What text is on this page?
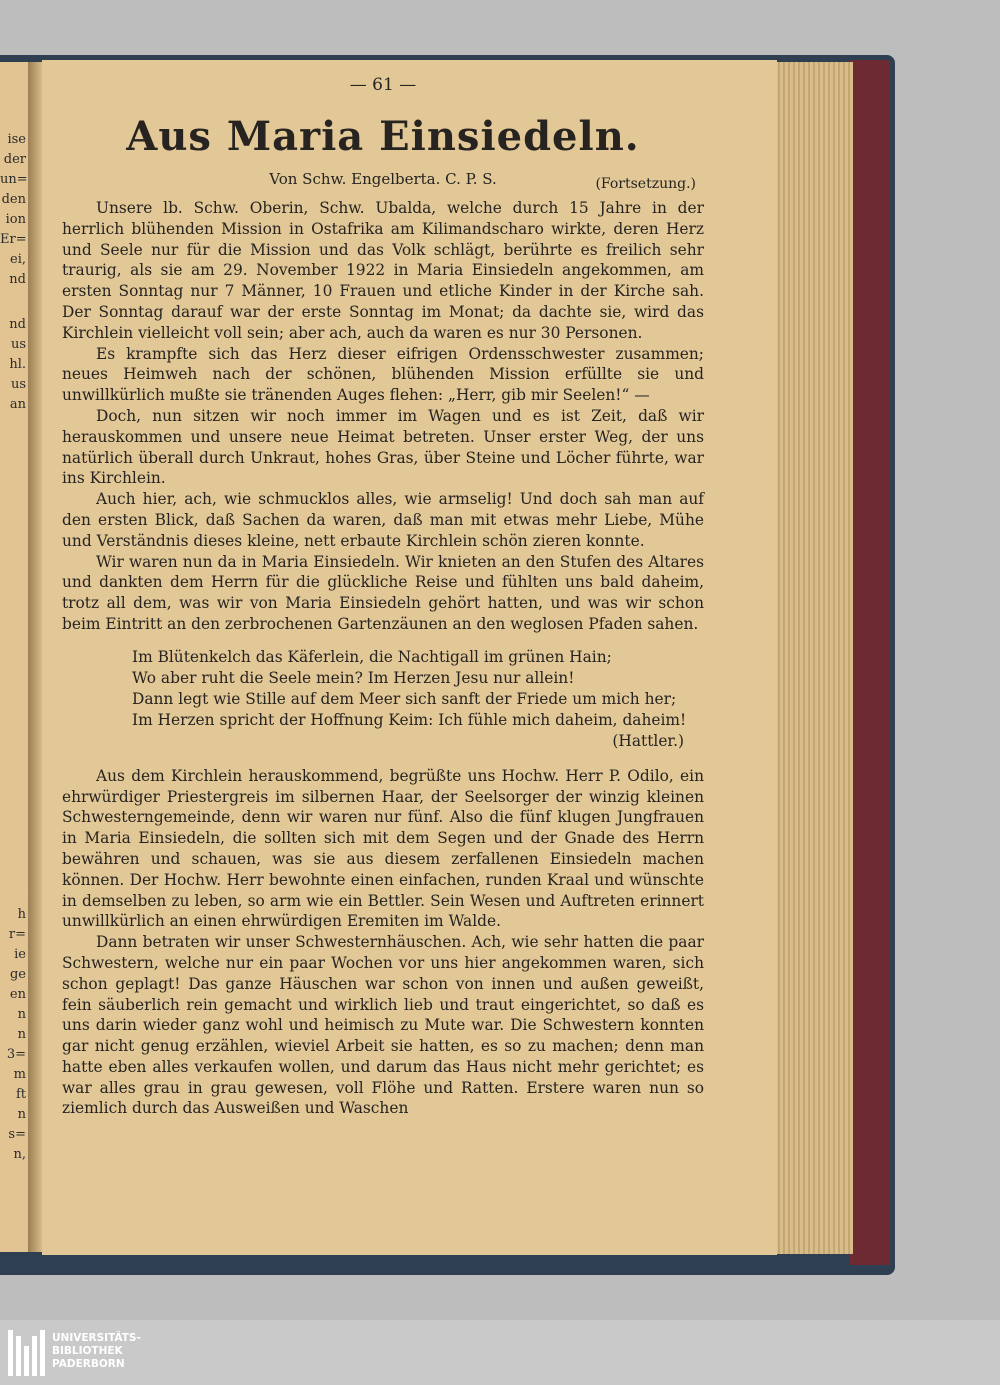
ise
der
un=
den
ion
Er=
ei,
nd
nd
us
hl.
us
an
h
r=
ie
ge
en
n
n
3=
m
ft
n
s=
n,
— 61 —
Aus Maria Einsiedeln.
Von Schw. Engelberta. C. P. S.	(Fortsetzung.)

Unsere lb. Schw. Oberin, Schw. Ubalda, welche durch 15 Jahre in der herrlich blühenden Mission in Ostafrika am Kilimandscharo wirkte, deren Herz und Seele nur für die Mission und das Volk schlägt, berührte es freilich sehr traurig, als sie am 29. November 1922 in Maria Einsiedeln angekommen, am ersten Sonntag nur 7 Männer, 10 Frauen und etliche Kinder in der Kirche sah. Der Sonntag darauf war der erste Sonntag im Monat; da dachte sie, wird das Kirchlein vielleicht voll sein; aber ach, auch da waren es nur 30 Personen.

Es krampfte sich das Herz dieser eifrigen Ordensschwester zusammen; neues Heimweh nach der schönen, blühenden Mission erfüllte sie und unwillkürlich mußte sie tränenden Auges flehen: „Herr, gib mir Seelen!“ —

Doch, nun sitzen wir noch immer im Wagen und es ist Zeit, daß wir herauskommen und unsere neue Heimat betreten. Unser erster Weg, der uns natürlich überall durch Unkraut, hohes Gras, über Steine und Löcher führte, war ins Kirchlein.

Auch hier, ach, wie schmucklos alles, wie armselig! Und doch sah man auf den ersten Blick, daß Sachen da waren, daß man mit etwas mehr Liebe, Mühe und Verständnis dieses kleine, nett erbaute Kirchlein schön zieren konnte.

Wir waren nun da in Maria Einsiedeln. Wir knieten an den Stufen des Altares und dankten dem Herrn für die glückliche Reise und fühlten uns bald daheim, trotz all dem, was wir von Maria Einsiedeln gehört hatten, und was wir schon beim Eintritt an den zerbrochenen Gartenzäunen an den weglosen Pfaden sahen.

Im Blütenkelch das Käferlein, die Nachtigall im grünen Hain;
Wo aber ruht die Seele mein? Im Herzen Jesu nur allein!
Dann legt wie Stille auf dem Meer sich sanft der Friede um mich her;
Im Herzen spricht der Hoffnung Keim: Ich fühle mich daheim, daheim!
(Hattler.)

Aus dem Kirchlein herauskommend, begrüßte uns Hochw. Herr P. Odilo, ein ehrwürdiger Priestergreis im silbernen Haar, der Seelsorger der winzig kleinen Schwesterngemeinde, denn wir waren nur fünf. Also die fünf klugen Jungfrauen in Maria Einsiedeln, die sollten sich mit dem Segen und der Gnade des Herrn bewähren und schauen, was sie aus diesem zerfallenen Einsiedeln machen können. Der Hochw. Herr bewohnte einen einfachen, runden Kraal und wünschte in demselben zu leben, so arm wie ein Bettler. Sein Wesen und Auftreten erinnert unwillkürlich an einen ehrwürdigen Eremiten im Walde.

Dann betraten wir unser Schwesternhäuschen. Ach, wie sehr hatten die paar Schwestern, welche nur ein paar Wochen vor uns hier angekommen waren, sich schon geplagt! Das ganze Häuschen war schon von innen und außen geweißt, fein säuberlich rein gemacht und wirklich lieb und traut eingerichtet, so daß es uns darin wieder ganz wohl und heimisch zu Mute war. Die Schwestern konnten gar nicht genug erzählen, wieviel Arbeit sie hatten, es so zu machen; denn man hatte eben alles verkaufen wollen, und darum das Haus nicht mehr gerichtet; es war alles grau in grau gewesen, voll Flöhe und Ratten. Erstere waren nun so ziemlich durch das Ausweißen und Waschen

UNIVERSITÄTS-
BIBLIOTHEK
PADERBORN
